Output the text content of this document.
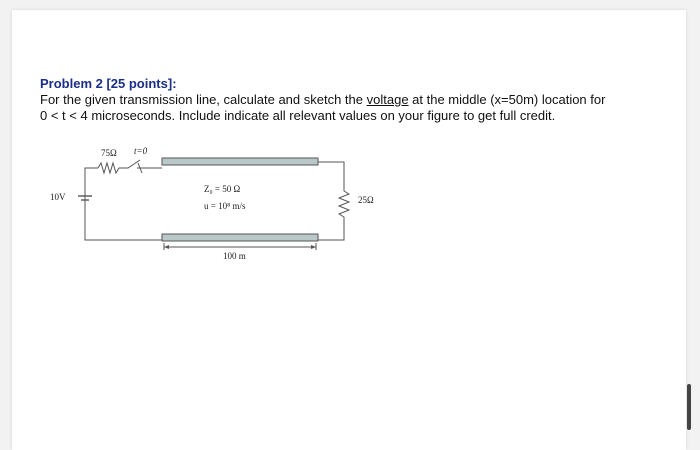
Problem 2 [25 points]:
For the given transmission line, calculate and sketch the voltage at the middle (x=50m) location for
0 < t < 4 microseconds. Include indicate all relevant values on your figure to get full credit.
75Ω t=0
10V
Z₀ = 50 Ω
u = 10⁸ m/s
25Ω
100 m
